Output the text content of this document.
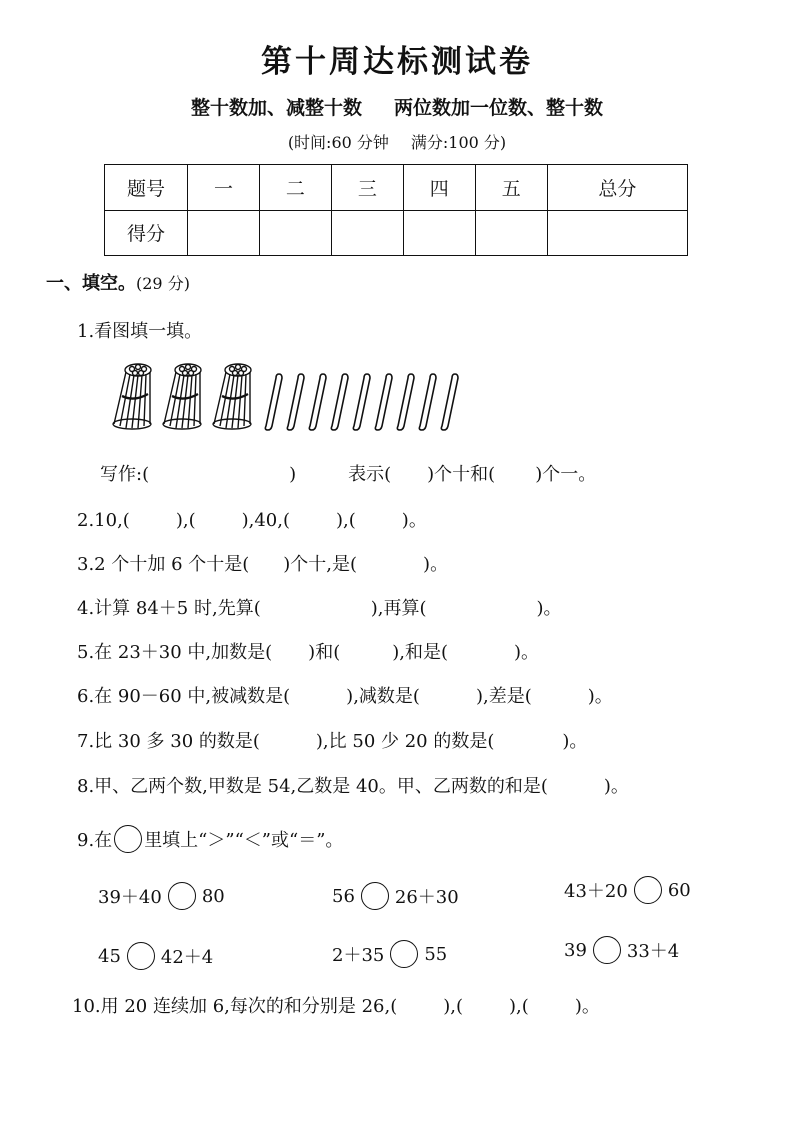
第十周达标测试卷
整十数加、减整十数 两位数加一位数、整十数
(时间:60 分钟 满分:100 分)
题号	一	二	三	四	五	总分
得分						
一、填空。(29 分)
1.看图填一填。
写作:(	)	表示( )个十和( )个一。
2.10,(	),(	),40,(	),(	)。
3.2 个十加 6 个十是( )个十,是(	)。
4.计算 84＋5 时,先算(	),再算(	)。
5.在 23＋30 中,加数是( )和(	),和是(	)。
6.在 90－60 中,被减数是(	),减数是(	),差是(	)。
7.比 30 多 30 的数是(	),比 50 少 20 的数是(	)。
8.甲、乙两个数,甲数是 54,乙数是 40。甲、乙两数的和是(	)。
9.在 里填上“＞”“＜”或“＝”。
39＋40 80	56 26＋30	43＋20 60
45 42＋4	2＋35 55	39 33＋4
10.用 20 连续加 6,每次的和分别是 26,(	),(	),(	)。
